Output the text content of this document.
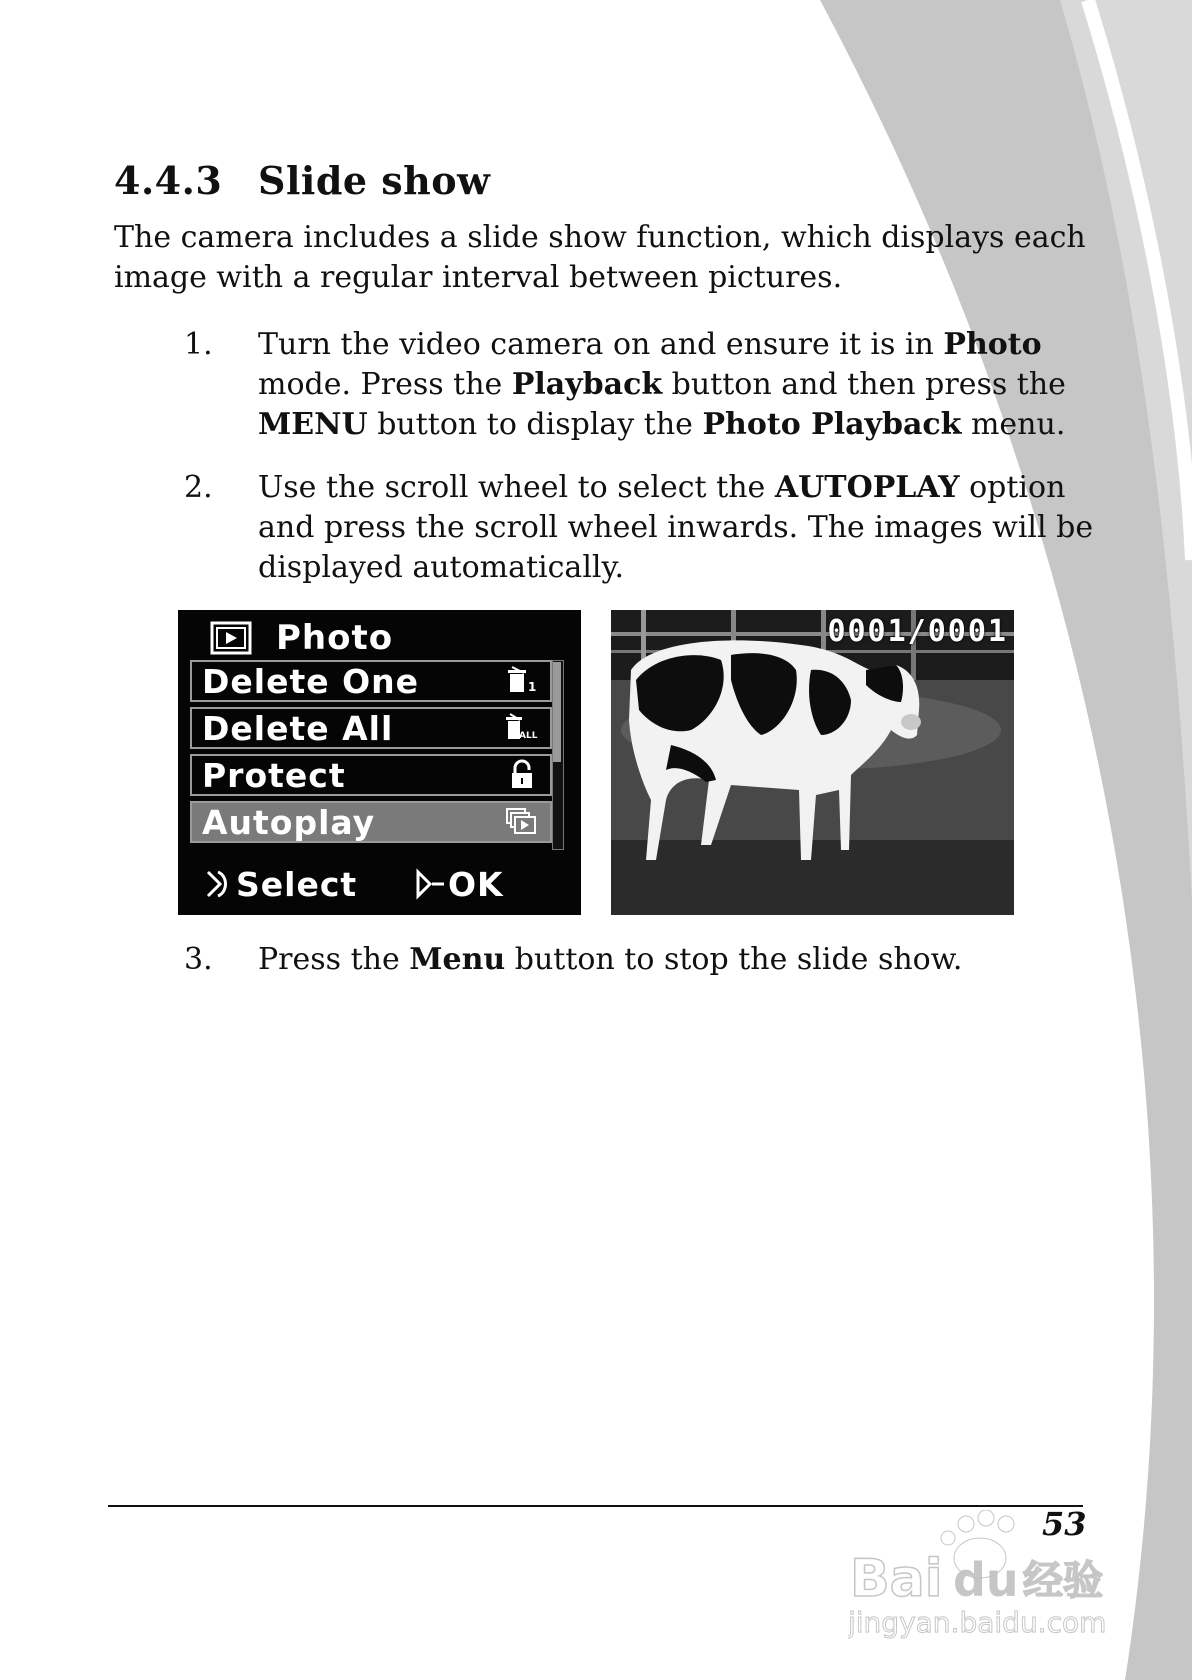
4.4.3 Slide show
The camera includes a slide show function, which displays each image with a regular interval between pictures.
1. Turn the video camera on and ensure it is in Photo mode. Press the Playback button and then press the MENU button to display the Photo Playback menu.
2. Use the scroll wheel to select the AUTOPLAY option and press the scroll wheel inwards. The images will be displayed automatically.
Photo
Delete One	1
Delete All	ALL
Protect
Autoplay
Select	OK
0001/0001
3. Press the Menu button to stop the slide show.
53
Bai du 经验
jingyan.baidu.com
